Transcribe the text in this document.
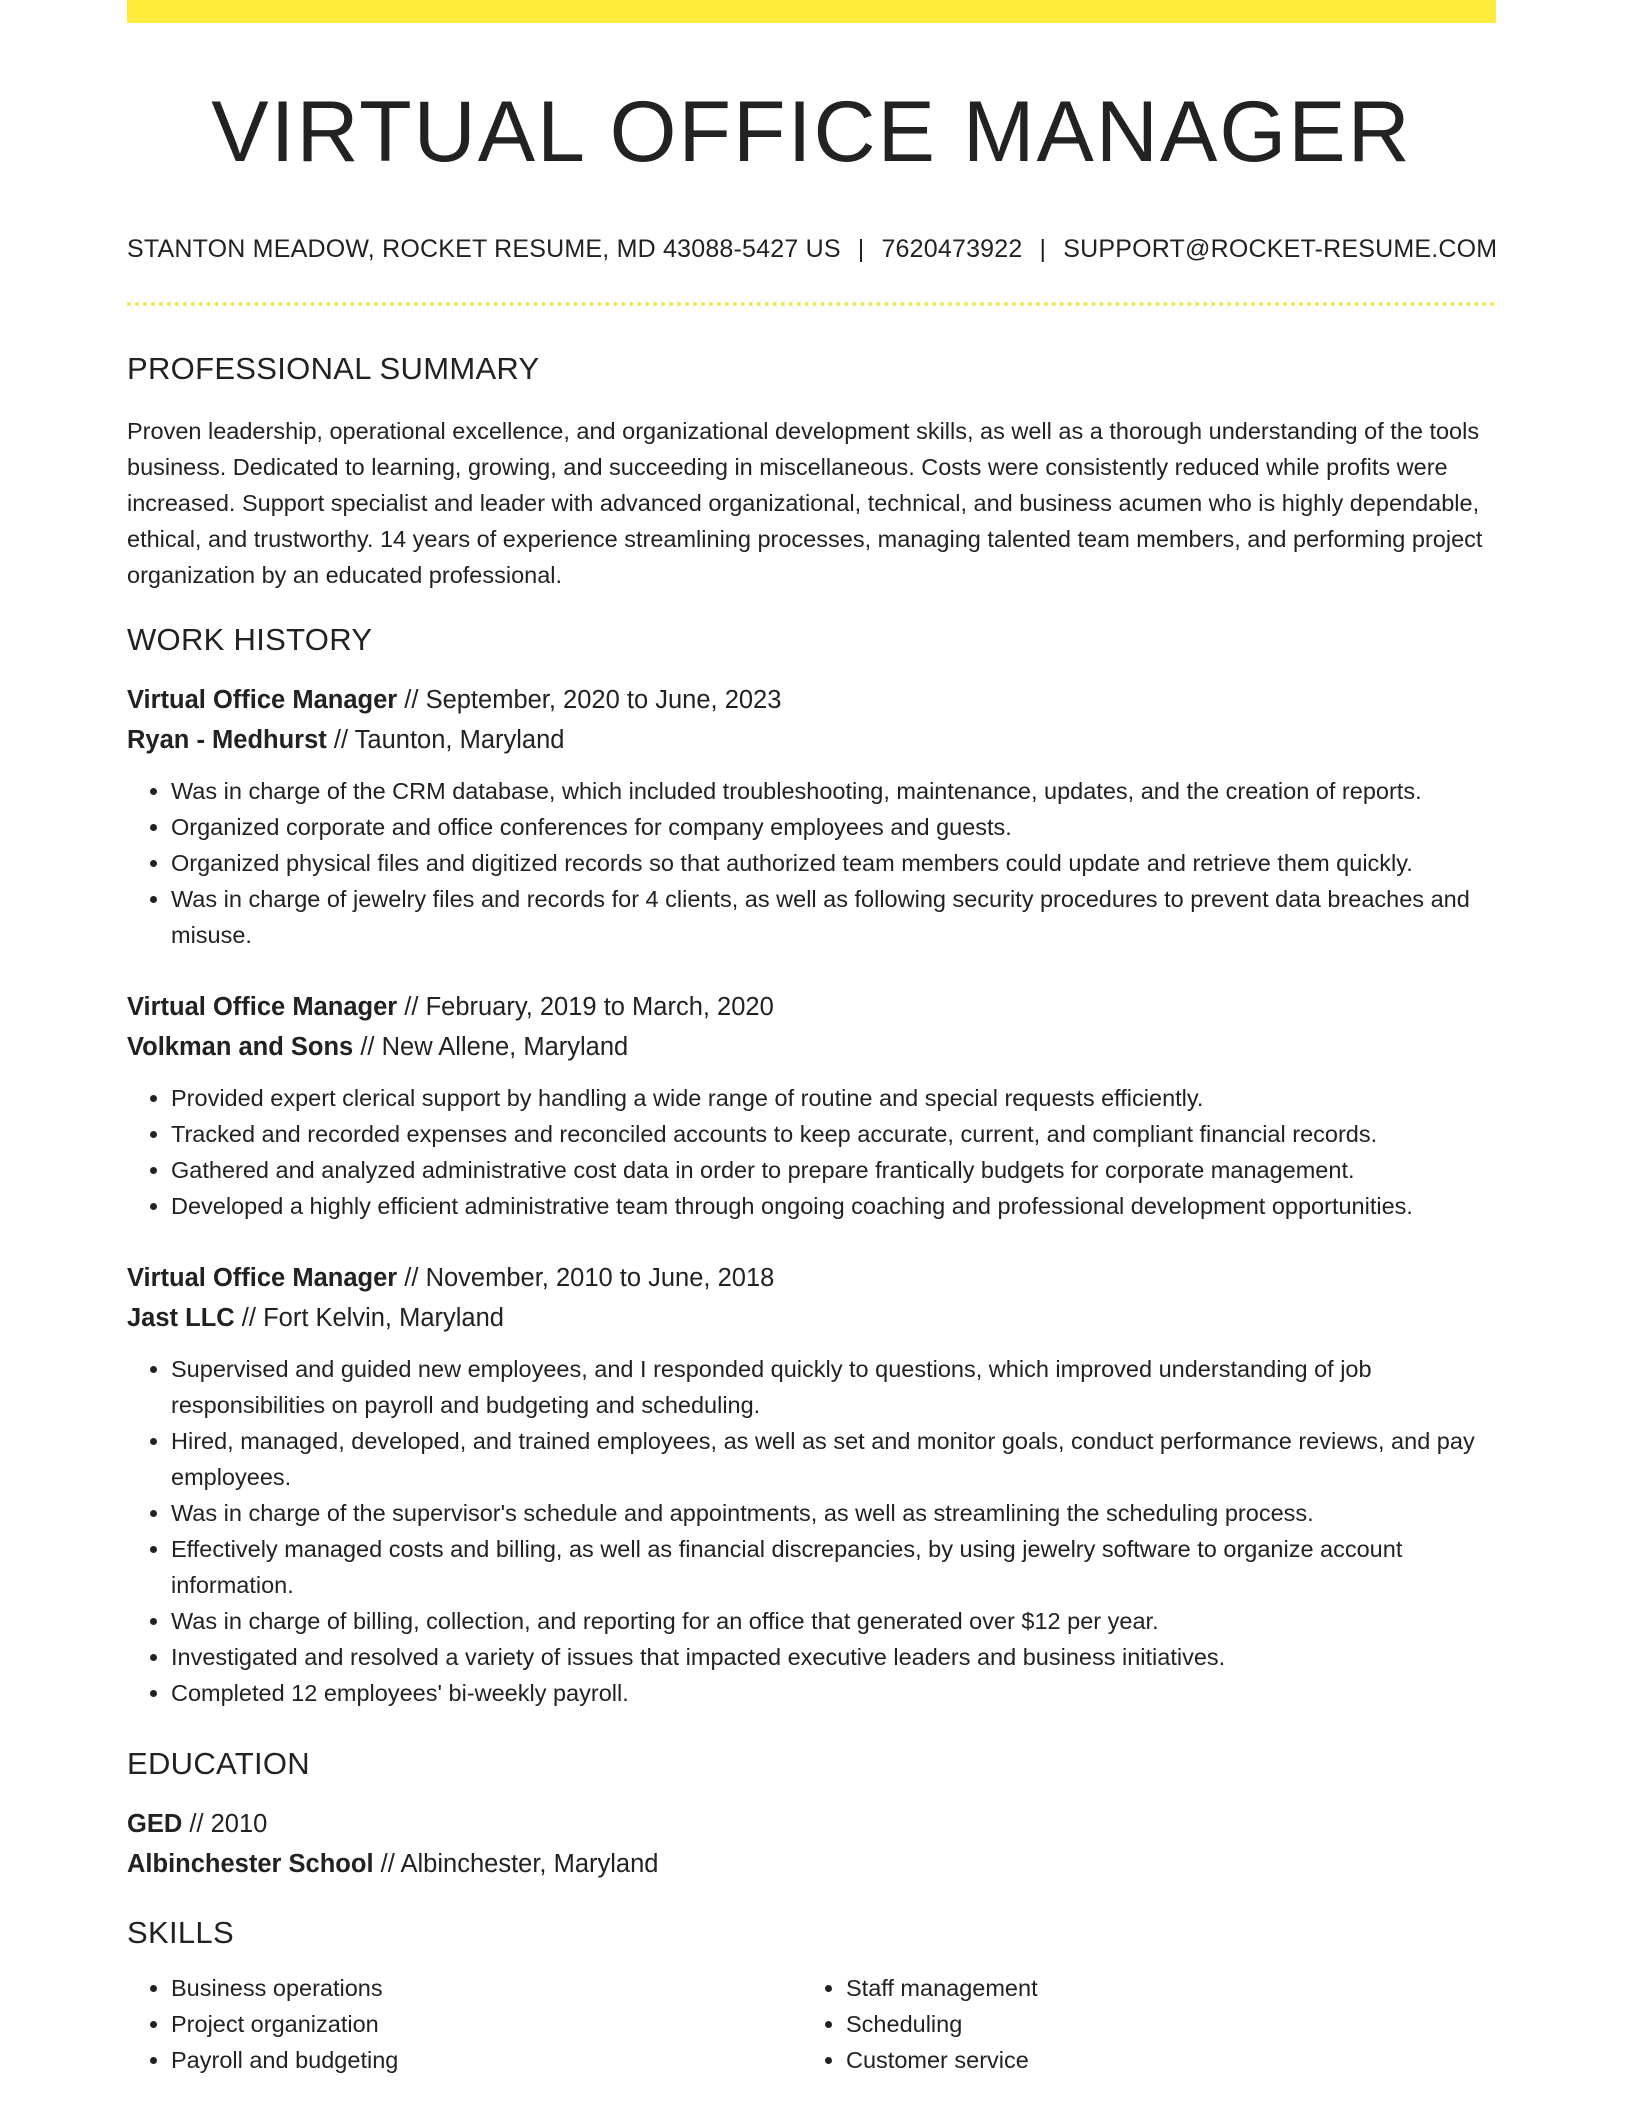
VIRTUAL OFFICE MANAGER
STANTON MEADOW, ROCKET RESUME, MD 43088-5427 US | 7620473922 | SUPPORT@ROCKET-RESUME.COM
PROFESSIONAL SUMMARY

Proven leadership, operational excellence, and organizational development skills, as well as a thorough understanding of the tools business. Dedicated to learning, growing, and succeeding in miscellaneous. Costs were consistently reduced while profits were increased. Support specialist and leader with advanced organizational, technical, and business acumen who is highly dependable, ethical, and trustworthy. 14 years of experience streamlining processes, managing talented team members, and performing project organization by an educated professional.

WORK HISTORY
Virtual Office Manager // September, 2020 to June, 2023
Ryan - Medhurst // Taunton, Maryland
• Was in charge of the CRM database, which included troubleshooting, maintenance, updates, and the creation of reports.
• Organized corporate and office conferences for company employees and guests.
• Organized physical files and digitized records so that authorized team members could update and retrieve them quickly.
• Was in charge of jewelry files and records for 4 clients, as well as following security procedures to prevent data breaches and misuse.
Virtual Office Manager // February, 2019 to March, 2020
Volkman and Sons // New Allene, Maryland
• Provided expert clerical support by handling a wide range of routine and special requests efficiently.
• Tracked and recorded expenses and reconciled accounts to keep accurate, current, and compliant financial records.
• Gathered and analyzed administrative cost data in order to prepare frantically budgets for corporate management.
• Developed a highly efficient administrative team through ongoing coaching and professional development opportunities.
Virtual Office Manager // November, 2010 to June, 2018
Jast LLC // Fort Kelvin, Maryland
• Supervised and guided new employees, and I responded quickly to questions, which improved understanding of job responsibilities on payroll and budgeting and scheduling.
• Hired, managed, developed, and trained employees, as well as set and monitor goals, conduct performance reviews, and pay employees.
• Was in charge of the supervisor's schedule and appointments, as well as streamlining the scheduling process.
• Effectively managed costs and billing, as well as financial discrepancies, by using jewelry software to organize account information.
• Was in charge of billing, collection, and reporting for an office that generated over $12 per year.
• Investigated and resolved a variety of issues that impacted executive leaders and business initiatives.
• Completed 12 employees' bi-weekly payroll.
EDUCATION
GED // 2010
Albinchester School // Albinchester, Maryland
SKILLS
• Business operations
• Project organization
• Payroll and budgeting
• Staff management
• Scheduling
• Customer service
